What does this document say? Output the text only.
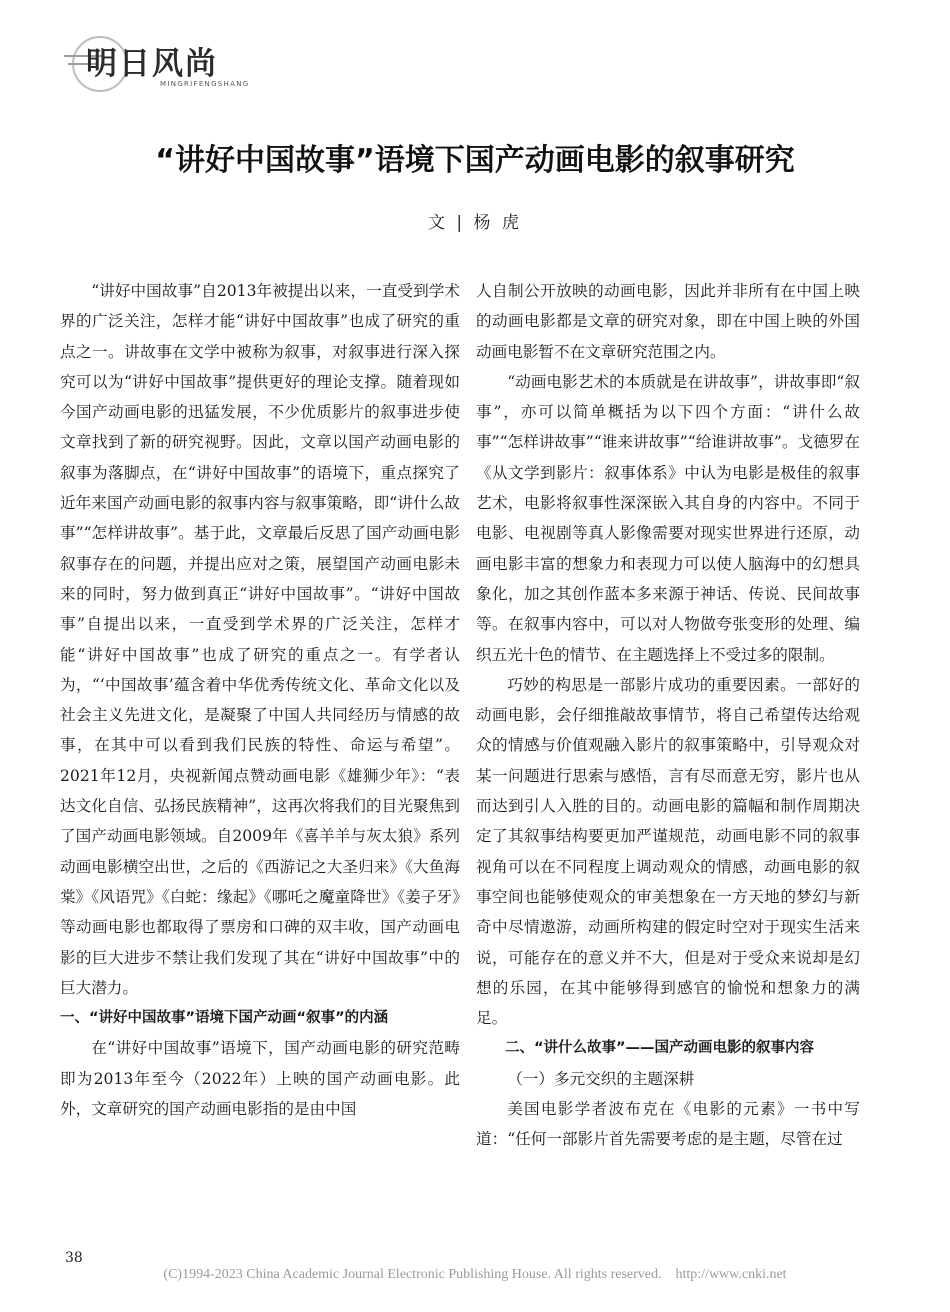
明日风尚
MINGRIFENGSHANG
“讲好中国故事”语境下国产动画电影的叙事研究
文 | 杨 虎

“讲好中国故事”自2013年被提出以来，一直受到学术界的广泛关注，怎样才能“讲好中国故事”也成了研究的重点之一。讲故事在文学中被称为叙事，对叙事进行深入探究可以为“讲好中国故事”提供更好的理论支撑。随着现如今国产动画电影的迅猛发展，不少优质影片的叙事进步使文章找到了新的研究视野。因此，文章以国产动画电影的叙事为落脚点，在“讲好中国故事”的语境下，重点探究了近年来国产动画电影的叙事内容与叙事策略，即“讲什么故事”“怎样讲故事”。基于此，文章最后反思了国产动画电影叙事存在的问题，并提出应对之策，展望国产动画电影未来的同时，努力做到真正“讲好中国故事”。“讲好中国故事”自提出以来，一直受到学术界的广泛关注，怎样才能“讲好中国故事”也成了研究的重点之一。有学者认为，“‘中国故事’蕴含着中华优秀传统文化、革命文化以及社会主义先进文化，是凝聚了中国人共同经历与情感的故事，在其中可以看到我们民族的特性、命运与希望”。2021年12月，央视新闻点赞动画电影《雄狮少年》：“表达文化自信、弘扬民族精神”，这再次将我们的目光聚焦到了国产动画电影领域。自2009年《喜羊羊与灰太狼》系列动画电影横空出世，之后的《西游记之大圣归来》《大鱼海棠》《风语咒》《白蛇：缘起》《哪吒之魔童降世》《姜子牙》等动画电影也都取得了票房和口碑的双丰收，国产动画电影的巨大进步不禁让我们发现了其在“讲好中国故事”中的巨大潜力。

一、“讲好中国故事”语境下国产动画“叙事”的内涵

在“讲好中国故事”语境下，国产动画电影的研究范畴即为2013年至今（2022年）上映的国产动画电影。此外，文章研究的国产动画电影指的是由中国

人自制公开放映的动画电影，因此并非所有在中国上映的动画电影都是文章的研究对象，即在中国上映的外国动画电影暂不在文章研究范围之内。

“动画电影艺术的本质就是在讲故事”，讲故事即“叙事”，亦可以简单概括为以下四个方面：“讲什么故事”“怎样讲故事”“谁来讲故事”“给谁讲故事”。戈德罗在《从文学到影片：叙事体系》中认为电影是极佳的叙事艺术，电影将叙事性深深嵌入其自身的内容中。不同于电影、电视剧等真人影像需要对现实世界进行还原，动画电影丰富的想象力和表现力可以使人脑海中的幻想具象化，加之其创作蓝本多来源于神话、传说、民间故事等。在叙事内容中，可以对人物做夸张变形的处理、编织五光十色的情节、在主题选择上不受过多的限制。

巧妙的构思是一部影片成功的重要因素。一部好的动画电影，会仔细推敲故事情节，将自己希望传达给观众的情感与价值观融入影片的叙事策略中，引导观众对某一问题进行思索与感悟，言有尽而意无穷，影片也从而达到引人入胜的目的。动画电影的篇幅和制作周期决定了其叙事结构要更加严谨规范，动画电影不同的叙事视角可以在不同程度上调动观众的情感，动画电影的叙事空间也能够使观众的审美想象在一方天地的梦幻与新奇中尽情遨游，动画所构建的假定时空对于现实生活来说，可能存在的意义并不大，但是对于受众来说却是幻想的乐园，在其中能够得到感官的愉悦和想象力的满足。

二、“讲什么故事”——国产动画电影的叙事内容

（一）多元交织的主题深耕

美国电影学者波布克在《电影的元素》一书中写道：“任何一部影片首先需要考虑的是主题，尽管在过

38
(C)1994-2023 China Academic Journal Electronic Publishing House. All rights reserved.    http://www.cnki.net
